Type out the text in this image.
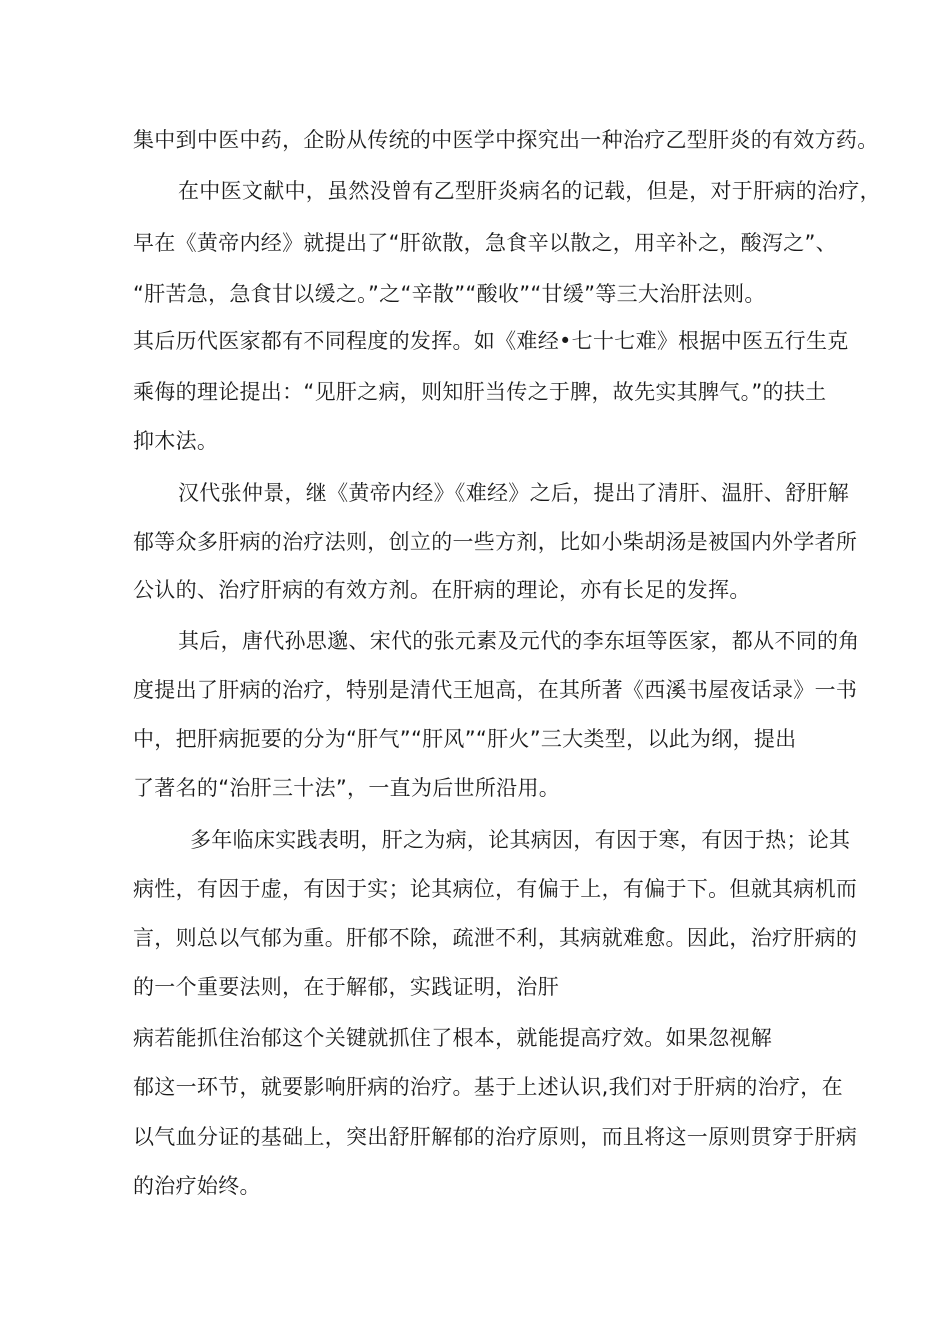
集中到中医中药，企盼从传统的中医学中探究出一种治疗乙型肝炎的有效方药。
在中医文献中，虽然没曾有乙型肝炎病名的记载，但是，对于肝病的治疗，
早在《黄帝内经》就提出了“肝欲散，急食辛以散之，用辛补之，酸泻之”、
“肝苦急，急食甘以缓之。”之“辛散”“酸收”“甘缓”等三大治肝法则。
其后历代医家都有不同程度的发挥。如《难经•七十七难》根据中医五行生克
乘侮的理论提出：“见肝之病，则知肝当传之于脾，故先实其脾气。”的扶土
抑木法。
汉代张仲景，继《黄帝内经》《难经》之后，提出了清肝、温肝、舒肝解
郁等众多肝病的治疗法则，创立的一些方剂，比如小柴胡汤是被国内外学者所
公认的、治疗肝病的有效方剂。在肝病的理论，亦有长足的发挥。
其后，唐代孙思邈、宋代的张元素及元代的李东垣等医家，都从不同的角
度提出了肝病的治疗，特别是清代王旭高，在其所著《西溪书屋夜话录》一书
中，把肝病扼要的分为“肝气”“肝风”“肝火”三大类型，以此为纲，提出
了著名的“治肝三十法”，一直为后世所沿用。
多年临床实践表明，肝之为病，论其病因，有因于寒，有因于热；论其
病性，有因于虚，有因于实；论其病位，有偏于上，有偏于下。但就其病机而
言，则总以气郁为重。肝郁不除，疏泄不利，其病就难愈。因此，治疗肝病的
的一个重要法则，在于解郁，实践证明，治肝
病若能抓住治郁这个关键就抓住了根本，就能提高疗效。如果忽视解
郁这一环节，就要影响肝病的治疗。基于上述认识,我们对于肝病的治疗，在
以气血分证的基础上，突出舒肝解郁的治疗原则，而且将这一原则贯穿于肝病
的治疗始终。
